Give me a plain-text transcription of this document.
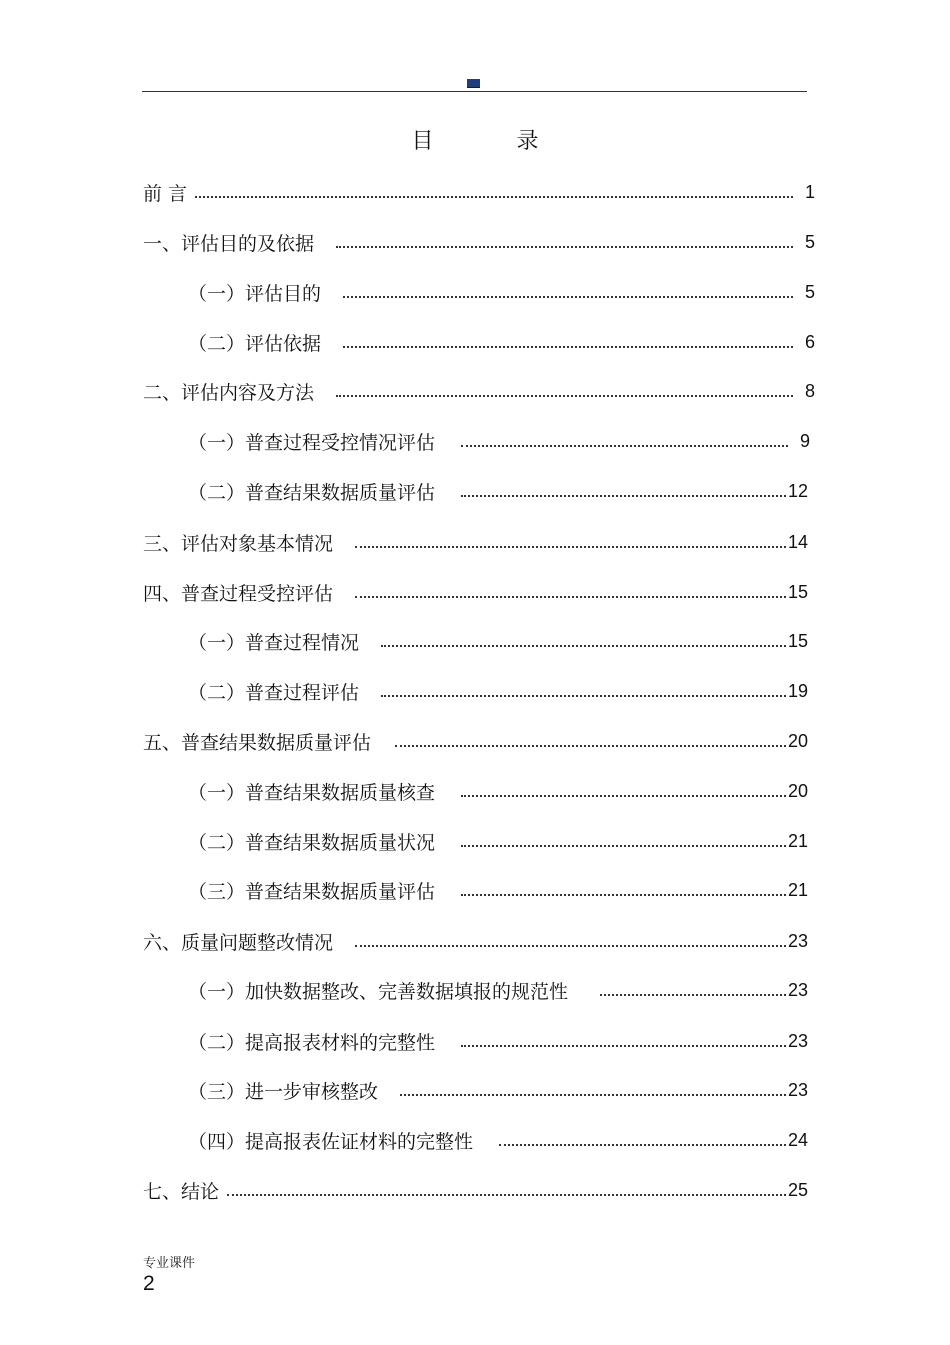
目 录
前 言	1
一、评估目的及依据	5
（一）评估目的	5
（二）评估依据	6
二、评估内容及方法	8
（一）普查过程受控情况评估	9
（二）普查结果数据质量评估	12
三、评估对象基本情况	14
四、普查过程受控评估	15
（一）普查过程情况	15
（二）普查过程评估	19
五、普查结果数据质量评估	20
（一）普查结果数据质量核查	20
（二）普查结果数据质量状况	21
（三）普查结果数据质量评估	21
六、质量问题整改情况	23
（一）加快数据整改、完善数据填报的规范性	23
（二）提高报表材料的完整性	23
（三）进一步审核整改	23
（四）提高报表佐证材料的完整性	24
七、结论	25
专业课件
2
